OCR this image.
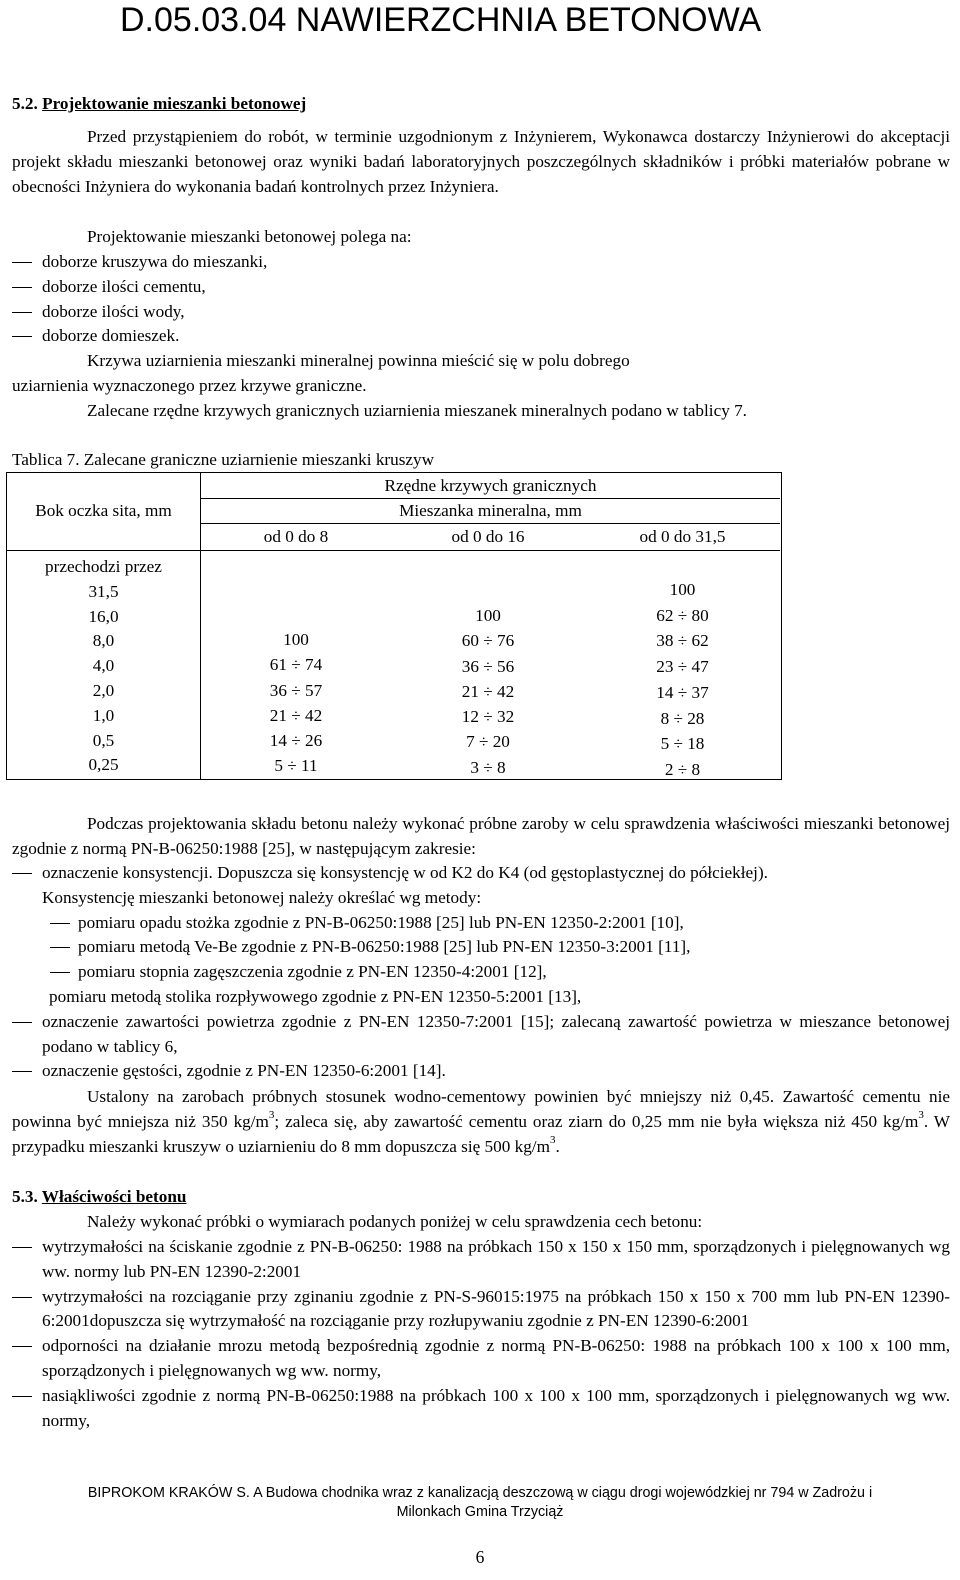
D.05.03.04 NAWIERZCHNIA BETONOWA
5.2. Projektowanie mieszanki betonowej
Przed przystąpieniem do robót, w terminie uzgodnionym z Inżynierem, Wykonawca dostarczy Inżynierowi do akceptacji projekt składu mieszanki betonowej oraz wyniki badań laboratoryjnych poszczególnych składników i próbki materiałów pobrane w obecności Inżyniera do wykonania badań kontrolnych przez Inżyniera.
Projektowanie mieszanki betonowej polega na:
doborze kruszywa do mieszanki,
doborze ilości cementu,
doborze ilości wody,
doborze domieszek.
Krzywa uziarnienia mieszanki mineralnej powinna mieścić się w polu dobrego
uziarnienia wyznaczonego przez krzywe graniczne.
Zalecane rzędne krzywych granicznych uziarnienia mieszanek mineralnych podano w tablicy 7.
Tablica 7. Zalecane graniczne uziarnienie mieszanki kruszyw
Bok oczka sita, mm
Rzędne krzywych granicznych
Mieszanka mineralna, mm
od 0 do 8	od 0 do 16	od 0 do 31,5
przechodzi przez
31,5
16,0
8,0
4,0
2,0
1,0
0,5
0,25
100
61 ÷ 74
36 ÷ 57
21 ÷ 42
14 ÷ 26
5 ÷ 11
100
60 ÷ 76
36 ÷ 56
21 ÷ 42
12 ÷ 32
7 ÷ 20
3 ÷ 8
100
62 ÷ 80
38 ÷ 62
23 ÷ 47
14 ÷ 37
8 ÷ 28
5 ÷ 18
2 ÷ 8
Podczas projektowania składu betonu należy wykonać próbne zaroby w celu sprawdzenia właściwości mieszanki betonowej zgodnie z normą PN-B-06250:1988 [25], w następującym zakresie:
oznaczenie konsystencji. Dopuszcza się konsystencję w od K2 do K4 (od gęstoplastycznej do półciekłej).
Konsystencję mieszanki betonowej należy określać wg metody:
pomiaru opadu stożka zgodnie z PN-B-06250:1988 [25] lub PN-EN 12350-2:2001 [10],
pomiaru metodą Ve-Be zgodnie z PN-B-06250:1988 [25] lub PN-EN 12350-3:2001 [11],
pomiaru stopnia zagęszczenia zgodnie z PN-EN 12350-4:2001 [12],
pomiaru metodą stolika rozpływowego zgodnie z PN-EN 12350-5:2001 [13],
oznaczenie zawartości powietrza zgodnie z PN-EN 12350-7:2001 [15]; zalecaną zawartość powietrza w mieszance betonowej podano w tablicy 6,
oznaczenie gęstości, zgodnie z PN-EN 12350-6:2001 [14].
Ustalony na zarobach próbnych stosunek wodno-cementowy powinien być mniejszy niż 0,45. Zawartość cementu nie powinna być mniejsza niż 350 $kg/m^3$; zaleca się, aby zawartość cementu oraz ziarn do 0,25 mm nie była większa niż 450 $kg/m^3$. W przypadku mieszanki kruszyw o uziarnieniu do 8 mm dopuszcza się 500 $kg/m^3$.
5.3. Właściwości betonu
Należy wykonać próbki o wymiarach podanych poniżej w celu sprawdzenia cech betonu:
wytrzymałości na ściskanie zgodnie z PN-B-06250: 1988 na próbkach 150 x 150 x 150 mm, sporządzonych i pielęgnowanych wg ww. normy lub PN-EN 12390-2:2001
wytrzymałości na rozciąganie przy zginaniu zgodnie z PN-S-96015:1975 na próbkach 150 x 150 x 700 mm lub PN-EN 12390-6:2001dopuszcza się wytrzymałość na rozciąganie przy rozłupywaniu zgodnie z PN-EN 12390-6:2001
odporności na działanie mrozu metodą bezpośrednią zgodnie z normą PN-B-06250: 1988 na próbkach 100 x 100 x 100 mm, sporządzonych i pielęgnowanych wg ww. normy,
nasiąkliwości zgodnie z normą PN-B-06250:1988 na próbkach 100 x 100 x 100 mm, sporządzonych i pielęgnowanych wg ww. normy,
BIPROKOM KRAKÓW S. A Budowa chodnika wraz z kanalizacją deszczową w ciągu drogi wojewódzkiej nr 794 w Zadrożu i
Milonkach Gmina Trzyciąż
6
